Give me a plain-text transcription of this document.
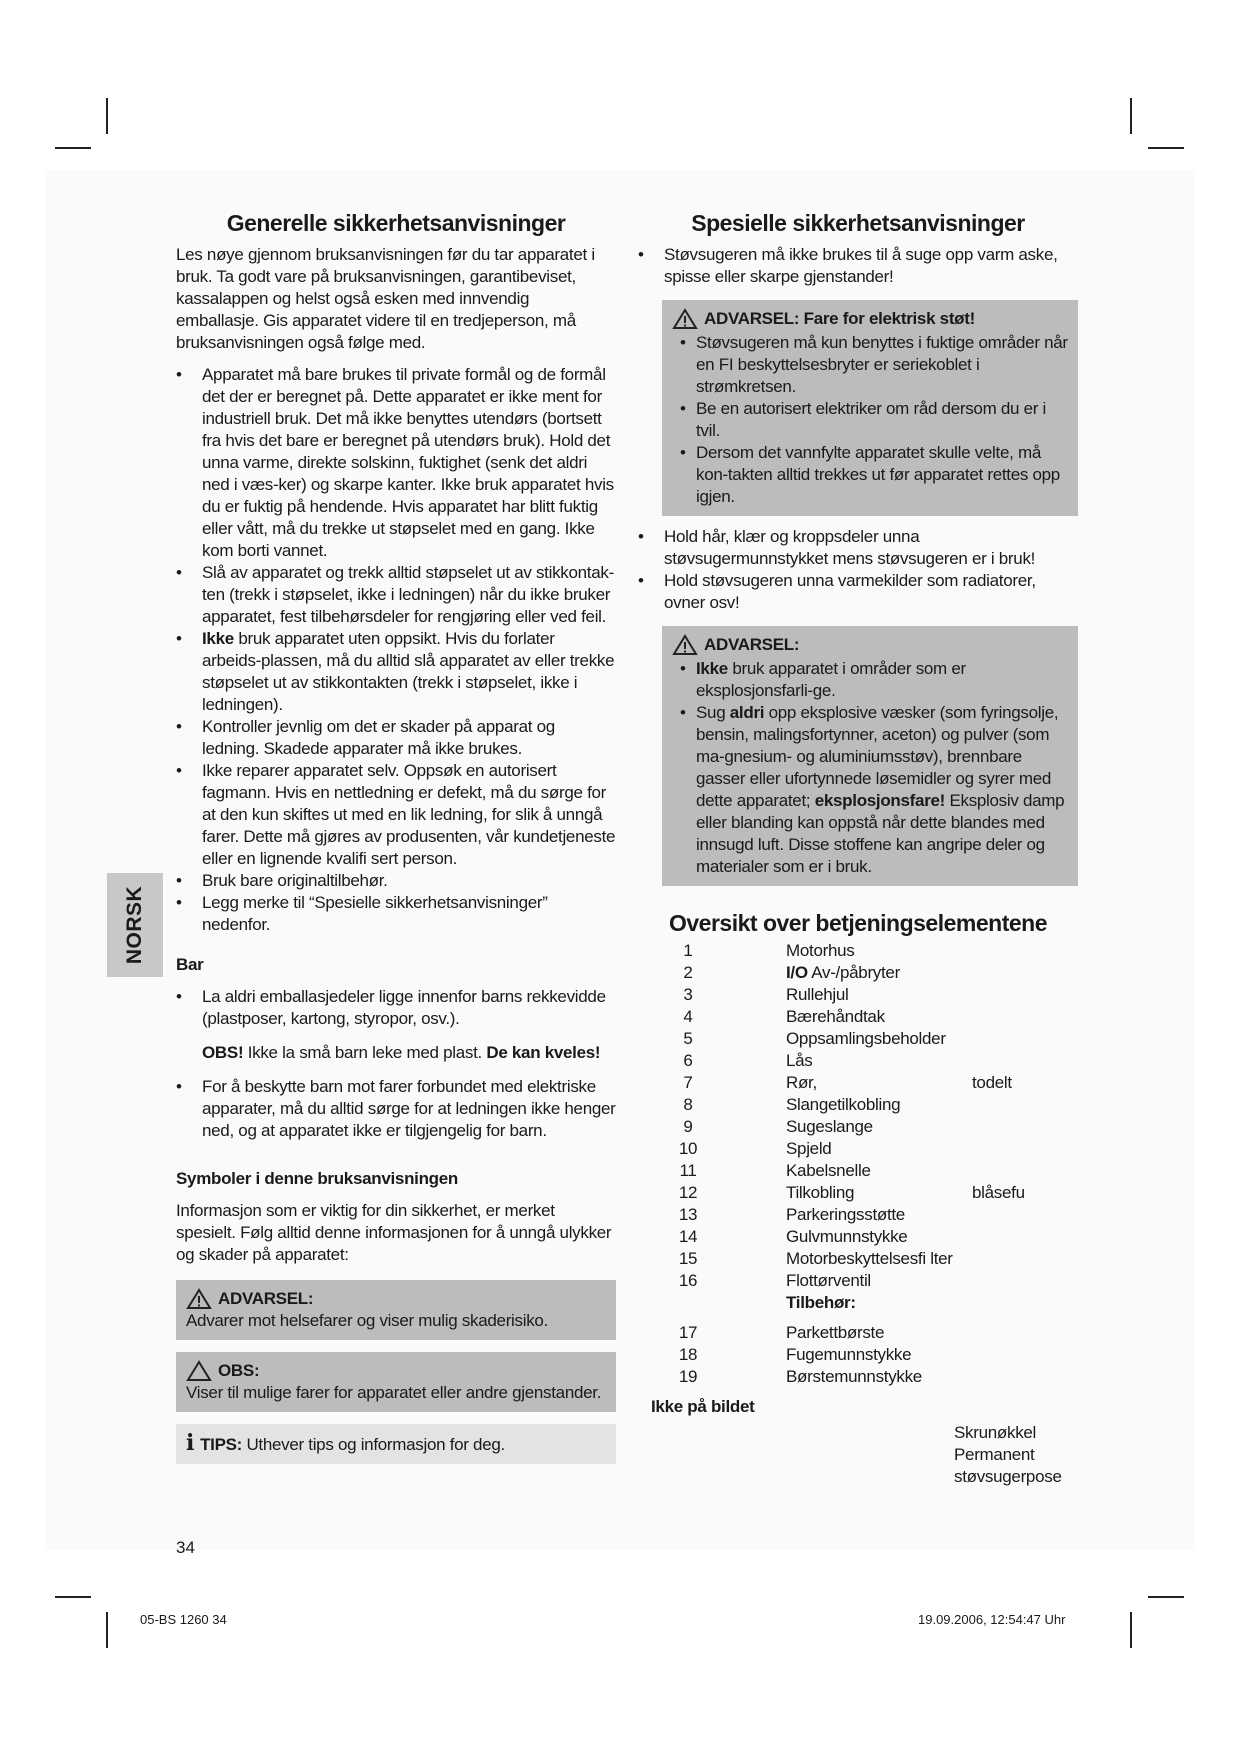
NORSK
Generelle sikkerhetsanvisninger

Les nøye gjennom bruksanvisningen før du tar apparatet i bruk. Ta godt vare på bruksanvisningen, garantibeviset, kassalappen og helst også esken med innvendig emballasje. Gis apparatet videre til en tredjeperson, må bruksanvisningen også følge med.

• Apparatet må bare brukes til private formål og de formål det der er beregnet på. Dette apparatet er ikke ment for industriell bruk. Det må ikke benyttes utendørs (bortsett fra hvis det bare er beregnet på utendørs bruk). Hold det unna varme, direkte solskinn, fuktighet (senk det aldri ned i væs-ker) og skarpe kanter. Ikke bruk apparatet hvis du er fuktig på hendende. Hvis apparatet har blitt fuktig eller vått, må du trekke ut støpselet med en gang. Ikke kom borti vannet.
• Slå av apparatet og trekk alltid støpselet ut av stikkontak-ten (trekk i støpselet, ikke i ledningen) når du ikke bruker apparatet, fest tilbehørsdeler for rengjøring eller ved feil.
• Ikke bruk apparatet uten oppsikt. Hvis du forlater arbeids-plassen, må du alltid slå apparatet av eller trekke støpselet ut av stikkontakten (trekk i støpselet, ikke i ledningen).
• Kontroller jevnlig om det er skader på apparat og ledning. Skadede apparater må ikke brukes.
• Ikke reparer apparatet selv. Oppsøk en autorisert fagmann. Hvis en nettledning er defekt, må du sørge for at den kun skiftes ut med en lik ledning, for slik å unngå farer. Dette må gjøres av produsenten, vår kundetjeneste eller en lignende kvalifi sert person.
• Bruk bare originaltilbehør.
• Legg merke til “Spesielle sikkerhetsanvisninger” nedenfor.
Bar
• La aldri emballasjedeler ligge innenfor barns rekkevidde (plastposer, kartong, styropor, osv.).
OBS! Ikke la små barn leke med plast. De kan kveles!
• For å beskytte barn mot farer forbundet med elektriske apparater, må du alltid sørge for at ledningen ikke henger ned, og at apparatet ikke er tilgjengelig for barn.
Symboler i denne bruksanvisningen

Informasjon som er viktig for din sikkerhet, er merket spesielt. Følg alltid denne informasjonen for å unngå ulykker og skader på apparatet:

ADVARSEL:
Advarer mot helsefarer og viser mulig skaderisiko.
OBS:
Viser til mulige farer for apparatet eller andre gjenstander.
i TIPS: Uthever tips og informasjon for deg.
Spesielle sikkerhetsanvisninger
• Støvsugeren må ikke brukes til å suge opp varm aske, spisse eller skarpe gjenstander!
ADVARSEL: Fare for elektrisk støt!
• Støvsugeren må kun benyttes i fuktige områder når en FI beskyttelsesbryter er seriekoblet i strømkretsen.
• Be en autorisert elektriker om råd dersom du er i tvil.
• Dersom det vannfylte apparatet skulle velte, må kon-takten alltid trekkes ut før apparatet rettes opp igjen.
• Hold hår, klær og kroppsdeler unna støvsugermunnstykket mens støvsugeren er i bruk!
• Hold støvsugeren unna varmekilder som radiatorer, ovner osv!
ADVARSEL:
• Ikke bruk apparatet i områder som er eksplosjonsfarli-ge.
• Sug aldri opp eksplosive væsker (som fyringsolje, bensin, malingsfortynner, aceton) og pulver (som ma-gnesium- og aluminiumsstøv), brennbare gasser eller ufortynnede løsemidler og syrer med dette apparatet; eksplosjonsfare! Eksplosiv damp eller blanding kan oppstå når dette blandes med innsugd luft. Disse stoffene kan angripe deler og materialer som er i bruk.
Oversikt over betjeningselementene
1	Motorhus	
2	I/O Av-/påbryter	
3	Rullehjul	
4	Bærehåndtak	
5	Oppsamlingsbeholder	
6	Lås	
7	Rør,	todelt
8	Slangetilkobling	
9	Sugeslange	
10	Spjeld	
11	Kabelsnelle	
12	Tilkobling	blåsefu
13	Parkeringsstøtte	
14	Gulvmunnstykke	
15	Motorbeskyttelsesfi lter	
16	Flottørventil	
	Tilbehør:	
17	Parkettbørste	
18	Fugemunnstykke	
19	Børstemunnstykke	
Ikke på bildet
Skrunøkkel
Permanent støvsugerpose
34
05-BS 1260 34	19.09.2006, 12:54:47 Uhr
